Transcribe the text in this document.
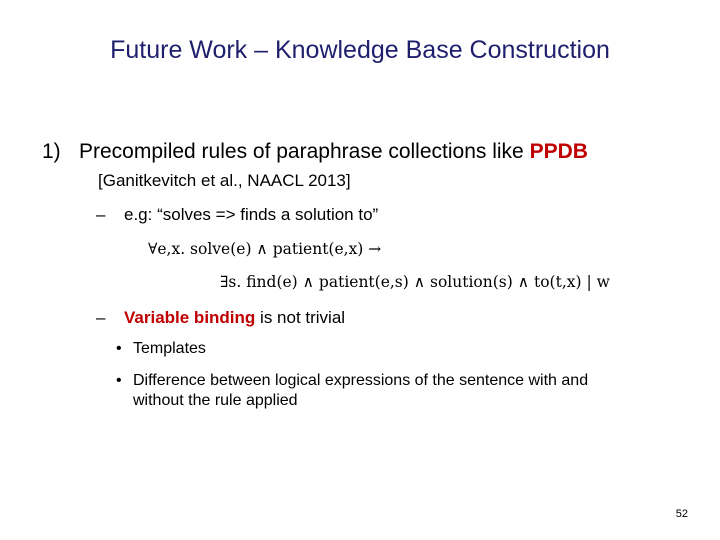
Future Work – Knowledge Base Construction
1) Precompiled rules of paraphrase collections like PPDB
[Ganitkevitch et al., NAACL 2013]
– e.g: “solves => finds a solution to”
∀e,x. solve(e) ∧ patient(e,x) →
∃s. find(e) ∧ patient(e,s) ∧ solution(s) ∧ to(t,x) | w
– Variable binding is not trivial
• Templates
• Difference between logical expressions of the sentence with and
without the rule applied
52
